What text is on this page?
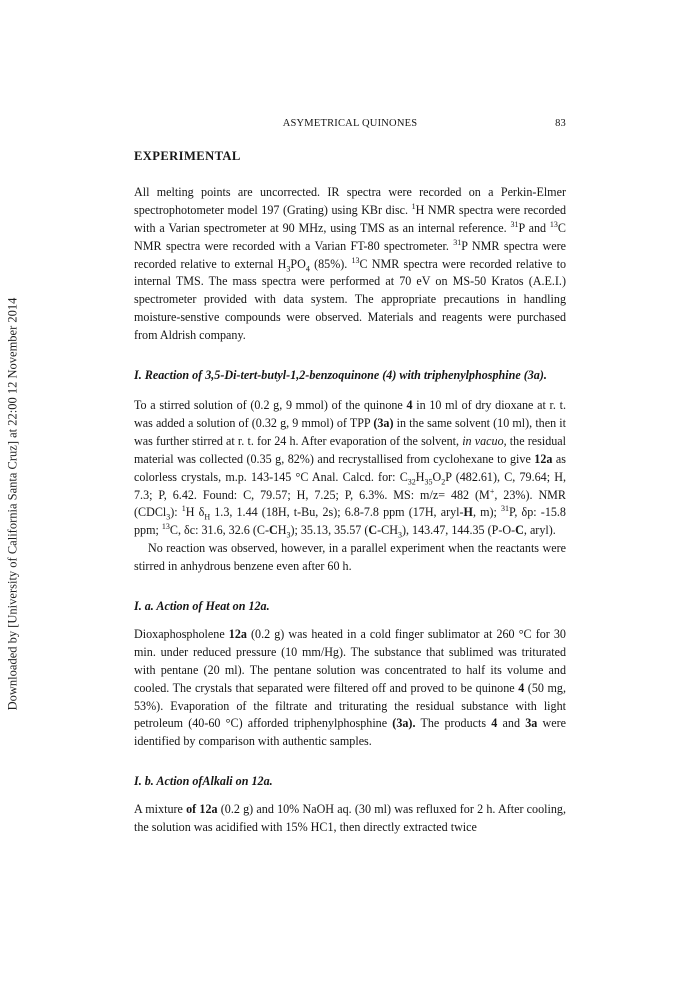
Downloaded by [University of California Santa Cruz] at 22:00 12 November 2014
ASYMETRICAL QUINONES	83
EXPERIMENTAL

All melting points are uncorrected. IR spectra were recorded on a Perkin-Elmer spectrophotometer model 197 (Grating) using KBr disc. $^1$H NMR spectra were recorded with a Varian spectrometer at 90 MHz, using TMS as an internal reference. $^{31}$P and $^{13}$C NMR spectra were recorded with a Varian FT-80 spectrometer. $^{31}$P NMR spectra were recorded relative to external $H_3PO_4$ (85%). $^{13}$C NMR spectra were recorded relative to internal TMS. The mass spectra were performed at 70 eV on MS-50 Kratos (A.E.I.) spectrometer provided with data system. The appropriate precautions in handling moisture-senstive compounds were observed. Materials and reagents were purchased from Aldrish company.

I. Reaction of 3,5-Di-tert-butyl-1,2-benzoquinone (4) with triphenylphosphine (3a).

To a stirred solution of (0.2 g, 9 mmol) of the quinone 4 in 10 ml of dry dioxane at r. t. was added a solution of (0.32 g, 9 mmol) of TPP (3a) in the same solvent (10 ml), then it was further stirred at r. t. for 24 h. After evaporation of the solvent, in vacuo, the residual material was collected (0.35 g, 82%) and recrystallised from cyclohexane to give 12a as colorless crystals, m.p. 143-145 °C Anal. Calcd. for: $C_{32}H_{35}O_2P$ (482.61), C, 79.64; H, 7.3; P, 6.42. Found: C, 79.57; H, 7.25; P, 6.3%. MS: m/z= 482 (M+, 23%). NMR (CDCl$_3$): $^1$H $\delta_H$ 1.3, 1.44 (18H, t-Bu, 2s); 6.8-7.8 ppm (17H, aryl-H, m); $^{31}$P, δp: -15.8 ppm; $^{13}$C, δc: 31.6, 32.6 $(C-CH_3)$; 35.13, 35.57 $(C-CH_3)$, 143.47, 144.35 (P-O-C, aryl).

No reaction was observed, however, in a parallel experiment when the reactants were stirred in anhydrous benzene even after 60 h.

I. a. Action of Heat on 12a.

Dioxaphospholene 12a (0.2 g) was heated in a cold finger sublimator at 260 °C for 30 min. under reduced pressure (10 mm/Hg). The substance that sublimed was triturated with pentane (20 ml). The pentane solution was concentrated to half its volume and cooled. The crystals that separated were filtered off and proved to be quinone 4 (50 mg, 53%). Evaporation of the filtrate and triturating the residual substance with light petroleum (40-60 °C) afforded triphenylphosphine (3a). The products 4 and 3a were identified by comparison with authentic samples.

I. b. Action ofAlkali on 12a.

A mixture of 12a (0.2 g) and 10% NaOH aq. (30 ml) was refluxed for 2 h. After cooling, the solution was acidified with 15% HC1, then directly extracted twice
